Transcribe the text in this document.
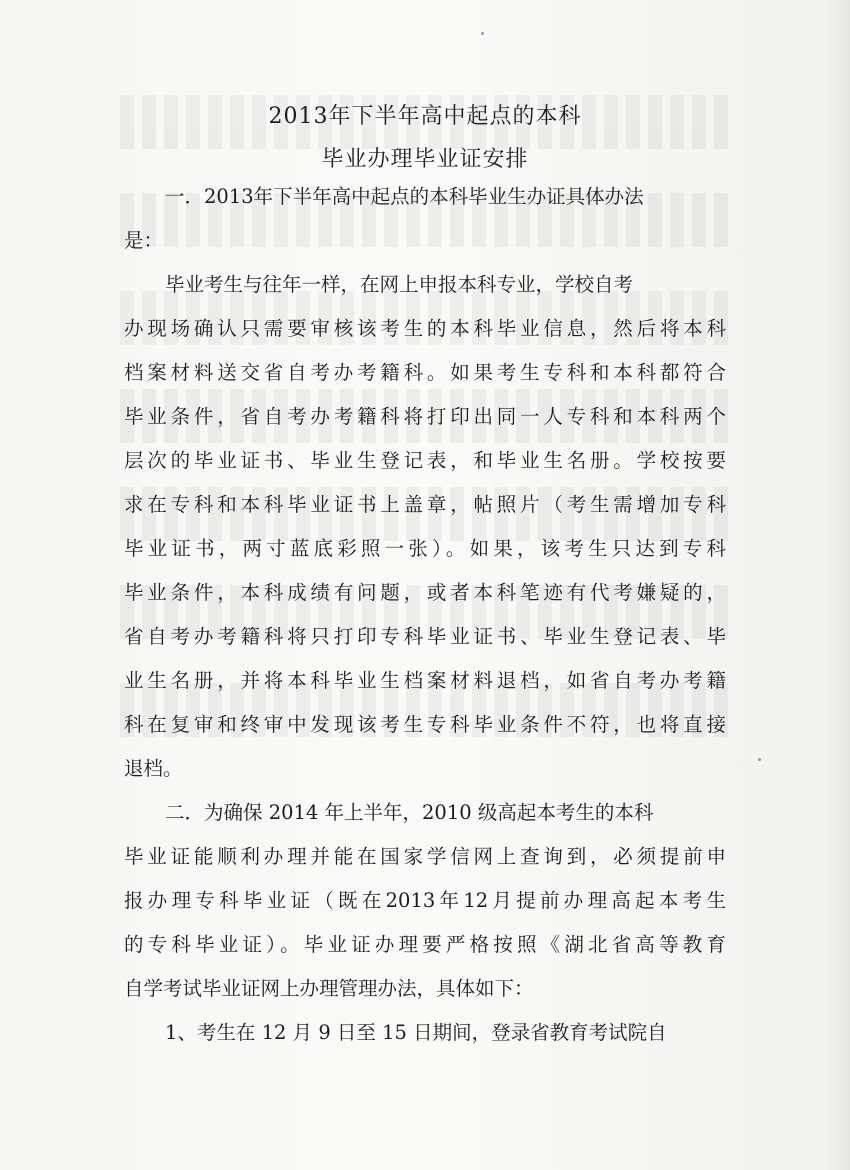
2013年下半年高中起点的本科
毕业办理毕业证安排

一．2013年下半年高中起点的本科毕业生办证具体办法

是：

毕业考生与往年一样，在网上申报本科专业，学校自考

办现场确认只需要审核该考生的本科毕业信息，然后将本科

档案材料送交省自考办考籍科。如果考生专科和本科都符合

毕业条件，省自考办考籍科将打印出同一人专科和本科两个

层次的毕业证书、毕业生登记表，和毕业生名册。学校按要

求在专科和本科毕业证书上盖章，帖照片（考生需增加专科

毕业证书，两寸蓝底彩照一张）。如果，该考生只达到专科

毕业条件，本科成绩有问题，或者本科笔迹有代考嫌疑的，

省自考办考籍科将只打印专科毕业证书、毕业生登记表、毕

业生名册，并将本科毕业生档案材料退档，如省自考办考籍

科在复审和终审中发现该考生专科毕业条件不符，也将直接

退档。

二．为确保 2014 年上半年，2010 级高起本考生的本科

毕业证能顺利办理并能在国家学信网上查询到，必须提前申

报办理专科毕业证（既在2013年12月提前办理高起本考生

的专科毕业证）。毕业证办理要严格按照《湖北省高等教育

自学考试毕业证网上办理管理办法，具体如下：

1、考生在 12 月 9 日至 15 日期间，登录省教育考试院自
